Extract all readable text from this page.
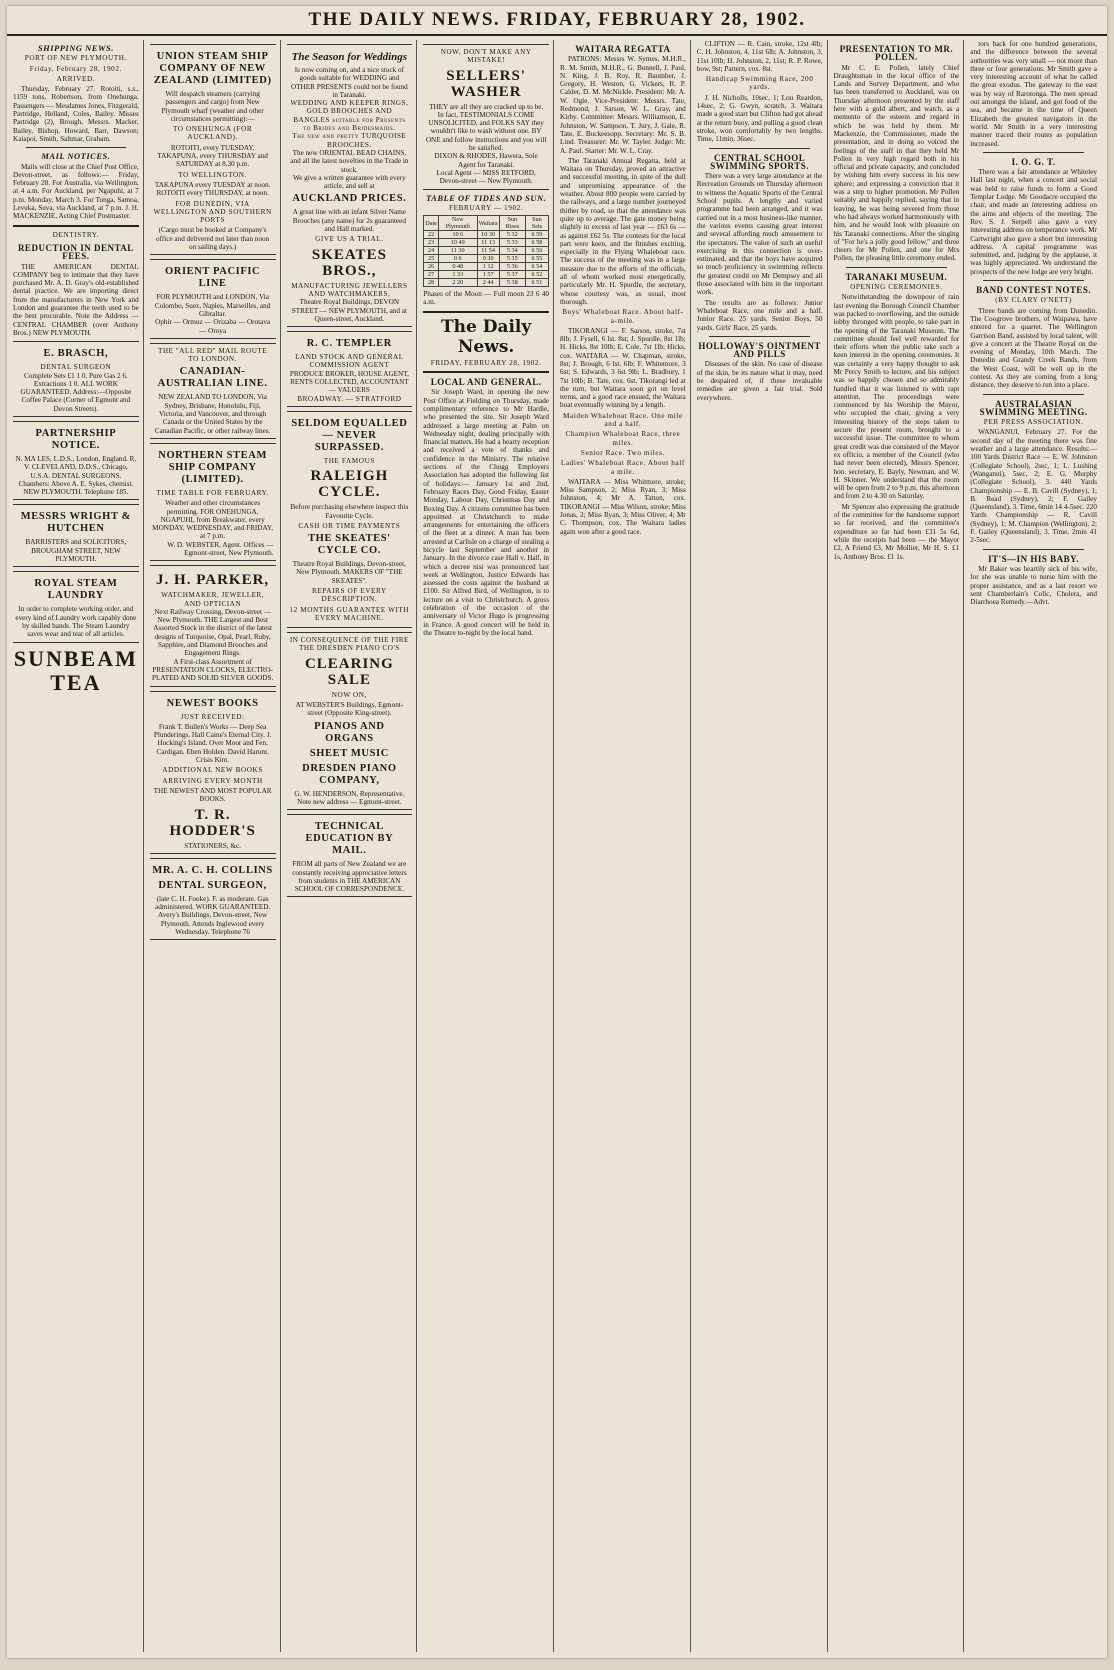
THE DAILY NEWS. FRIDAY, FEBRUARY 28, 1902.
SHIPPING NEWS.
PORT OF NEW PLYMOUTH.
Friday, February 28, 1902.
ARRIVED.

Thursday, February 27. Rotoiti, s.s., 1159 tons, Robertson, from Onehunga. Passengers — Mesdames Jones, Fitzgerald, Partridge, Helland, Coles, Bailey. Misses Partridge (2), Brough, Messrs. Macker, Bailey, Bishop, Howard, Barr, Dawson; Kaiapoi, Smith, Saltmar, Graham.

MAIL NOTICES.

Mails will close at the Chief Post Office, Devon-street, as follows:— Friday, February 28. For Australia, via Wellington, at 4 a.m. For Auckland, per Ngapuhi, at 7 p.m. Monday, March 3. For Tonga, Samoa, Levuka, Suva, via Auckland, at 7 p.m. J. H. MACKENZIE, Acting Chief Postmaster.

DENTISTRY.
REDUCTION IN DENTAL FEES.

THE AMERICAN DENTAL COMPANY beg to intimate that they have purchased Mr. A. D. Gray's old-established dental practice. We are importing direct from the manufacturers in New York and London and guarantee the teeth used to be the best procurable. Note the Address — CENTRAL CHAMBER (over Anthony Bros.) NEW PLYMOUTH.

E. BRASCH,
DENTAL SURGEON
Complete Sets £1 1 0. Pure Gas 2 6. Extractions 1 0. ALL WORK GUARANTEED. Address:—Opposite Coffee Palace (Corner of Egmont and Devon Streets).
PARTNERSHIP NOTICE.
N. MA LES, L.D.S., London, England. R. V. CLEVELAND, D.D.S., Chicago, U.S.A. DENTAL SURGEONS. Chambers: Above A. E. Sykes, chemist. NEW PLYMOUTH. Telephone 185.
MESSRS WRIGHT & HUTCHEN
BARRISTERS and SOLICITORS, BROUGHAM STREET, NEW PLYMOUTH.
ROYAL STEAM LAUNDRY
In order to complete working order, and every kind of Laundry work capably done by skilled hands. The Steam Laundry saves wear and tear of all articles.
SUNBEAM TEA
UNION STEAM SHIP COMPANY OF NEW ZEALAND (LIMITED)
Will despatch steamers (carrying passengers and cargo) from New Plymouth wharf (weather and other circumstances permitting):—
TO ONEHUNGA (FOR AUCKLAND).
ROTOITI, every TUESDAY. TAKAPUNA, every THURSDAY and SATURDAY at 8.30 p.m.
TO WELLINGTON.
TAKAPUNA every TUESDAY at noon. ROTOITI every THURSDAY, at noon.
FOR DUNEDIN, VIA WELLINGTON AND SOUTHERN PORTS
(Cargo must be booked at Company's office and delivered not later than noon on sailing days.)
ORIENT PACIFIC LINE
FOR PLYMOUTH and LONDON, Via Colombo, Suez, Naples, Marseilles, and Gibraltar.
Ophir — Ormuz — Orizaba — Orotava — Oroya
THE "ALL RED" MAIL ROUTE TO LONDON.
CANADIAN-AUSTRALIAN LINE.
NEW ZEALAND TO LONDON, Via Sydney, Brisbane, Honolulu, Fiji, Victoria, and Vancouver, and through Canada or the United States by the Canadian Pacific, or other railway lines.
NORTHERN STEAM SHIP COMPANY (LIMITED).
TIME TABLE FOR FEBRUARY.
Weather and other circumstances permitting. FOR ONEHUNGA. NGAPUHI, from Breakwater, every MONDAY, WEDNESDAY, and FRIDAY, at 7 p.m.
W. D. WEBSTER, Agent. Offices — Egmont-street, New Plymouth.
J. H. PARKER,
WATCHMAKER, JEWELLER, AND OPTICIAN
Next Railway Crossing, Devon-street — New Plymouth. THE Largest and Best Assorted Stock in the district of the latest designs of Turquoise, Opal, Pearl, Ruby, Sapphire, and Diamond Brooches and Engagement Rings.
A First-class Assortment of PRESENTATION CLOCKS, ELECTRO-PLATED AND SOLID SILVER GOODS.
NEWEST BOOKS
JUST RECEIVED:
Frank T. Bullen's Works — Deep Sea Plunderings. Hall Caine's Eternal City. J. Hocking's Island. Over Moor and Fen. Cardigan. Eben Holden. David Harum. Crisis Kim.
ADDITIONAL NEW BOOKS
ARRIVING EVERY MONTH
THE NEWEST AND MOST POPULAR BOOKS.
T. R. HODDER'S
STATIONERS, &c.
MR. A. C. H. COLLINS
DENTAL SURGEON,
(late C. H. Fooke). F. as moderate. Gas administered. WORK GUARANTEED. Avery's Buildings, Devon-street, New Plymouth. Attends Inglewood every Wednesday. Telephone 76
The Season for Weddings
Is now coming on, and a nice stock of goods suitable for WEDDING and OTHER PRESENTS could not be found in Taranaki.
WEDDING AND KEEPER RINGS, GOLD BROOCHES AND BANGLES suitable for Presents to Brides and Bridesmaids.
The new and pretty TURQUOISE BROOCHES.
The new ORIENTAL BEAD CHAINS, and all the latest novelties in the Trade in stock.
We give a written guarantee with every article, and sell at
AUCKLAND PRICES.
A great line with an infant Silver Name Brooches (any name) for 2s guaranteed and Hall marked.
GIVE US A TRIAL.
SKEATES BROS.,
MANUFACTURING JEWELLERS AND WATCHMAKERS,
Theatre Royal Buildings, DEVON STREET — NEW PLYMOUTH, and at Queen-street, Auckland.
R. C. TEMPLER
LAND STOCK AND GENERAL COMMISSION AGENT
PRODUCE BROKER, HOUSE AGENT, RENTS COLLECTED, ACCOUNTANT — VALUERS
BROADWAY. — STRATFORD
SELDOM EQUALLED — NEVER SURPASSED.
THE FAMOUS
RALEIGH CYCLE.
Before purchasing elsewhere inspect this Favourite Cycle.
CASH OR TIME PAYMENTS
THE SKEATES' CYCLE CO.
Theatre Royal Buildings, Devon-street, New Plymouth. MAKERS OF "THE SKEATES".
REPAIRS OF EVERY DESCRIPTION.
12 MONTHS GUARANTEE WITH EVERY MACHINE.
IN CONSEQUENCE OF THE FIRE THE DRESDEN PIANO CO'S
CLEARING SALE
NOW ON,
AT WEBSTER'S Buildings, Egmont-street (Opposite King-street).
PIANOS AND ORGANS
SHEET MUSIC
DRESDEN PIANO COMPANY,
G. W. HENDERSON, Representative. Note new address — Egmont-street.
TECHNICAL EDUCATION BY MAIL.
FROM all parts of New Zealand we are constantly receiving appreciative letters from students in THE AMERICAN SCHOOL OF CORRESPONDENCE.
NOW, DON'T MAKE ANY MISTAKE!
SELLERS' WASHER
THEY are all they are cracked up to be. In fact, TESTIMONIALS COME UNSOLICITED, and FOLKS SAY they wouldn't like to wash without one. BY ONE and follow instructions and you will be satisfied.
DIXON & RHODES, Hawera, Sole Agent for Taranaki.
Local Agent — MISS RETFORD, Devon-street — New Plymouth.
TABLE OF TIDES AND SUN.
FEBRUARY — 1902.
Date	New Plymouth	Waitara	Sun Rises	Sun Sets
22	10 6	10 30	5 32	6 59
23	10 49	11 13	5 33	6 58
24	11 30	11 54	5 34	6 56
25	0 6	0 30	5 35	6 55
26	0 48	1 12	5 36	6 54
27	1 33	1 57	5 37	6 52
28	2 20	2 44	5 38	6 51
Phases of the Moon — Full moon 23 6 40 a.m.
The Daily News.
FRIDAY, FEBRUARY 28, 1902.
LOCAL AND GENERAL.

Sir Joseph Ward, in opening the new Post Office at Fielding on Thursday, made complimentary reference to Mr Hardie, who presented the site. Sir Joseph Ward addressed a large meeting at Palm on Wednesday night, dealing principally with financial matters. He had a hearty reception and received a vote of thanks and confidence in the Ministry. The relative sections of the Chugg Employers Association has adopted the following list of holidays:— January 1st and 2nd, February Races Day, Good Friday, Easter Monday, Labour Day, Christmas Day and Boxing Day. A citizens committee has been appointed at Christchurch to make arrangements for entertaining the officers of the fleet at a dinner. A man has been arrested at Carlisle on a charge of stealing a bicycle last September and another in January. In the divorce case Hall v. Hall, in which a decree nisi was pronounced last week at Wellington, Justice Edwards has assessed the costs against the husband at £100. Sir Alfred Bird, of Wellington, is to lecture on a visit to Christchurch. A gross celebration of the occasion of the anniversary of Victor Hugo is progressing in France. A good concert will be held in the Theatre to-night by the local band.

WAITARA REGATTA

PATRONS: Messrs W. Symes, M.H.R., R. M. Smith, M.H.R., G. Bunnell, J. Paul, N. King, J. B. Roy, R. Baumber, J. Gregory, H. Weston, G. Vickers, R. P. Calder, D. M. McNickle. President: Mr. A. W. Ogle. Vice-President: Messrs. Tate, Redmond, J. Sarson, W. L. Gray, and Kirby. Committee: Messrs. Williamson, E. Johnston, W. Sampson, T. Jury, J. Gale, R. Tate, E. Buckeesopp. Secretary: Mr. S. B. Lind. Treasurer: Mr. W. Tayler. Judge: Mr. A. Paul. Starter: Mr. W. L. Cray.

The Taranaki Annual Regatta, held at Waitara on Thursday, proved an attractive and successful meeting, in spite of the dull and unpromising appearance of the weather. About 800 people were carried by the railways, and a large number journeyed thither by road, so that the attendance was quite up to average. The gate money being slightly in excess of last year — £63 6s — as against £62 5s. The contests for the local part were keen, and the finishes exciting, especially in the Flying Whaleboat race. The success of the meeting was in a large measure due to the efforts of the officials, all of whom worked most energetically, particularly Mr. H. Spurdle, the secretary, whose courtesy was, as usual, most thorough.

Boys' Whaleboat Race. About half-a-mile.

TIKORANGI — F. Sarson, stroke, 7st 8lb; J. Fysell, 6 lst. 8st; J. Spurdle, 8st 1lb; H. Hicks, 8st 10lb; E. Cole, 7st 1lb; Hicks, cox. WAITARA — W. Chapman, stroke, 8st; J. Brough, 6 lst. 6lb; F. Whitemore, 3 6st; S. Edwards, 3 6st 9lb; L. Bradbury, 1 7st 10lb; B. Tate, cox. 6st. Tikorangi led at the turn, but Waitara soon got on level terms, and a good race ensued, the Waitara boat eventually winning by a length.

Maiden Whaleboat Race. One mile and a half.
Champion Whaleboat Race, three miles.
Senior Race. Two miles.
Ladies' Whaleboat Race. About half a mile.

WAITARA — Miss Whitmore, stroke; Miss Sampson, 2; Miss Ryan, 3; Miss Johnston, 4; Mr A. Tatton, cox. TIKORANGI — Miss Wilson, stroke; Miss Jonas, 2; Miss Ryan, 3; Miss Oliver, 4; Mr C. Thompson, cox. The Waitara ladies again won after a good race.

CLIFTON — R. Cain, stroke, 12st 4lb; C. H. Johnston, 4, 11st 6lb; A. Johnston, 3, 11st 10lb; H. Johnston, 2, 11st; R. P. Rowe, bow, 9st; Pattern, cox. 8st.

Handicap Swimming Race, 200 yards.

J. H. Nicholls, 10sec, 1; Lou Reardon, 14sec, 2; G. Gwyn, scratch, 3. Waitara made a good start but Clifton had got ahead at the return buoy, and pulling a good clean stroke, won comfortably by two lengths. Time, 11min. 36sec.

CENTRAL SCHOOL SWIMMING SPORTS.

There was a very large attendance at the Recreation Grounds on Thursday afternoon to witness the Aquatic Sports of the Central School pupils. A lengthy and varied programme had been arranged, and it was carried out in a most business-like manner, the various events causing great interest and several affording much amusement to the spectators. The value of such an useful exercising in this connection is over-estimated, and that the boys have acquired so much proficiency in swimming reflects the greatest credit on Mr Dempsey and all those associated with him in the important work.

The results are as follows: Junior Whaleboat Race, one mile and a half. Junior Race, 25 yards. Senior Boys, 50 yards. Girls' Race, 25 yards.

HOLLOWAY'S OINTMENT AND PILLS

Diseases of the skin. No case of disease of the skin, be its nature what it may, need be despaired of, if these invaluable remedies are given a fair trial. Sold everywhere.

PRESENTATION TO MR. POLLEN.

Mr C. E. Pollen, lately Chief Draughtsman in the local office of the Lands and Survey Department, and who has been transferred to Auckland, was on Thursday afternoon presented by the staff here with a gold albert, and watch, as a memento of the esteem and regard in which he was held by them. Mr Mackenzie, the Commissioner, made the presentation, and in doing so voiced the feelings of the staff in that they held Mr Pollen in very high regard both in his official and private capacity, and concluded by wishing him every success in his new sphere; and expressing a conviction that it was a step to higher promotion. Mr Pollen suitably and happily replied, saying that in leaving, he was being severed from those who had always worked harmoniously with him, and he would look with pleasure on his Taranaki connections. After the singing of "For he's a jolly good fellow," and three cheers for Mr Pollen, and one for Mrs Pollen, the pleasing little ceremony ended.

TARANAKI MUSEUM.
OPENING CEREMONIES.

Notwithstanding the downpour of rain last evening the Borough Council Chamber was packed to overflowing, and the outside lobby thronged with people, to take part in the opening of the Taranaki Museum. The committee should feel well rewarded for their efforts when the public take such a keen interest in the opening ceremonies. It was certainly a very happy thought to ask Mr Percy Smith to lecture, and his subject was so happily chosen and so admirably handled that it was listened to with rapt attention. The proceedings were commenced by his Worship the Mayor, who occupied the chair, giving a very interesting history of the steps taken to secure the present room, brought to a successful issue. The committee to whom great credit was due consisted of the Mayor ex officio, a member of the Council (who had never been elected), Messrs Spencer, hon. secretary, E. Bayly, Newman, and W. H. Skinner. We understand that the room will be open from 2 to 9 p.m. this afternoon and from 2 to 4.30 on Saturday.

Mr Spencer also expressing the gratitude of the committee for the handsome support so far received, and the committee's expenditure so far had been £31 5s 6d, while the receipts had been — the Mayor £2, A Friend £3, Mr Mollier, Mr H. S. £1 1s, Anthony Bros. £1 1s.

tors back for one hundred generations, and the difference between the several authorities was very small — not more than three or four generations. Mr Smith gave a very interesting account of what he called the great exodus. The gateway to the east was by way of Rarotonga. The men spread out amongst the island, and got food of the sea, and became in the time of Queen Elizabeth the greatest navigators in the world. Mr Smith in a very interesting manner traced their routes as population increased.

I. O. G. T.

There was a fair attendance at Whiteley Hall last night, when a concert and social was held to raise funds to form a Good Templar Lodge. Mr Goodacre occupied the chair, and made an interesting address on the aims and objects of the meeting. The Rev. S. J. Serpell also gave a very interesting address on temperance work. Mr Cartwright also gave a short but interesting address. A capital programme was submitted, and, judging by the applause, it was highly appreciated. We understand the prospects of the new lodge are very bright.

BAND CONTEST NOTES.
(BY CLARY O'NETT)

Three bands are coming from Dunedin. The Coogrove brothers, of Waipawa, have entered for a quartet. The Wellington Garrison Band, assisted by local talent, will give a concert at the Theatre Royal on the evening of Monday, 10th March. The Dunedin and Grandy Creek Bands, from the West Coast, will be well up in the contest. As they are coming from a long distance, they deserve to run into a place.

AUSTRALASIAN SWIMMING MEETING.
PER PRESS ASSOCIATION.

WANGANUI, February 27. For the second day of the meeting there was fine weather and a large attendance. Results:— 100 Yards District Race — E. W. Johnston (Collegiate School), 2sec, 1; L. Lushing (Wanganui), 5sec, 2; E. G. Murphy (Collegiate School), 3. 440 Yards Championship — E. B. Cavill (Sydney), 1; B. Read (Sydney), 2; F. Gailey (Queensland), 3. Time, 6min 14 4-5sec. 220 Yards Championship — R. Cavill (Sydney), 1; M. Champion (Wellington), 2; F. Gailey (Queensland), 3. Time, 2min 41 2-5sec.

IT'S—IN HIS BABY.

Mr Baker was heartily sick of his wife, for she was unable to nurse him with the proper assistance, and as a last resort we sent Chamberlain's Colic, Cholera, and Diarrhoea Remedy.—Advt.
